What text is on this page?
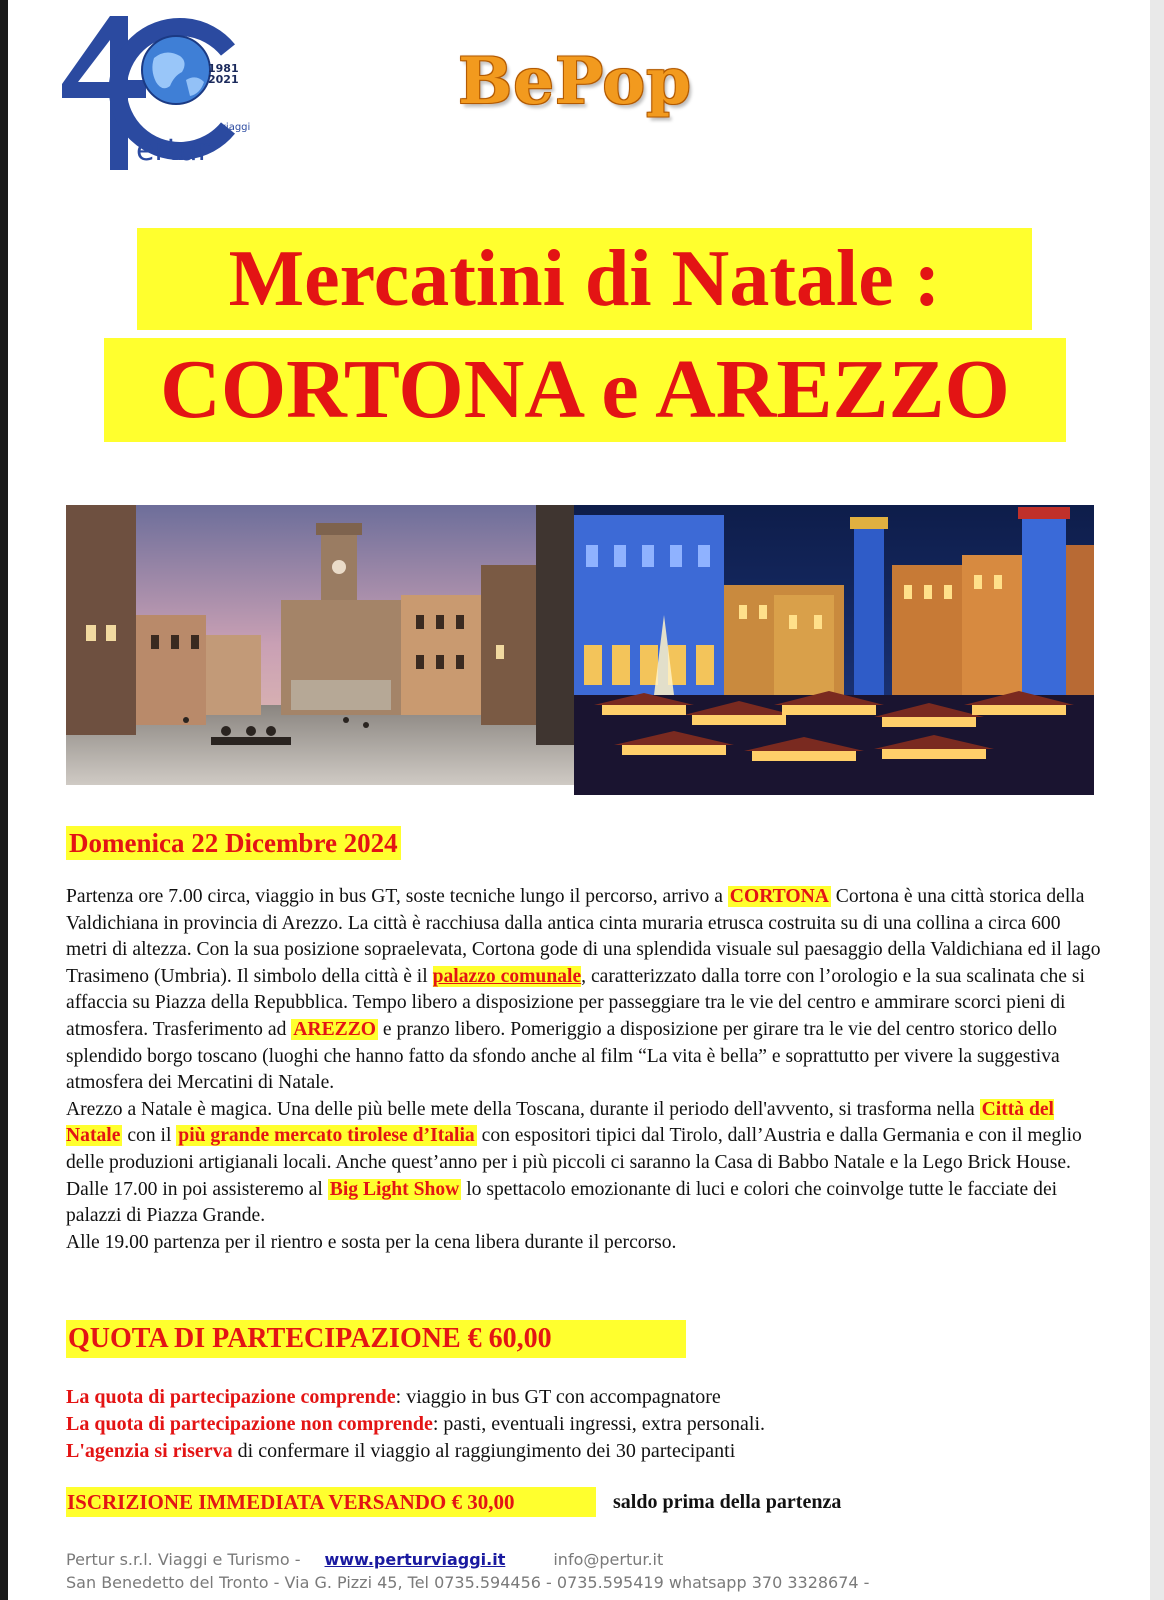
1981
2021
viaggi
ertur
BePop
Mercatini di Natale :
CORTONA e AREZZO
Domenica 22 Dicembre 2024

Partenza ore 7.00 circa, viaggio in bus GT, soste tecniche lungo il percorso, arrivo a CORTONA Cortona è una città storica della Valdichiana in provincia di Arezzo. La città è racchiusa dalla antica cinta muraria etrusca costruita su di una collina a circa 600 metri di altezza. Con la sua posizione sopraelevata, Cortona gode di una splendida visuale sul paesaggio della Valdichiana ed il lago Trasimeno (Umbria). Il simbolo della città è il palazzo comunale, caratterizzato dalla torre con l’orologio e la sua scalinata che si affaccia su Piazza della Repubblica. Tempo libero a disposizione per passeggiare tra le vie del centro e ammirare scorci pieni di atmosfera. Trasferimento ad AREZZO e pranzo libero. Pomeriggio a disposizione per girare tra le vie del centro storico dello splendido borgo toscano (luoghi che hanno fatto da sfondo anche al film “La vita è bella” e soprattutto per vivere la suggestiva atmosfera dei Mercatini di Natale.

Arezzo a Natale è magica. Una delle più belle mete della Toscana, durante il periodo dell'avvento, si trasforma nella Città del Natale con il più grande mercato tirolese d’Italia con espositori tipici dal Tirolo, dall’Austria e dalla Germania e con il meglio delle produzioni artigianali locali. Anche quest’anno per i più piccoli ci saranno la Casa di Babbo Natale e la Lego Brick House. Dalle 17.00 in poi assisteremo al Big Light Show lo spettacolo emozionante di luci e colori che coinvolge tutte le facciate dei palazzi di Piazza Grande.

Alle 19.00 partenza per il rientro e sosta per la cena libera durante il percorso.

QUOTA DI PARTECIPAZIONE € 60,00
La quota di partecipazione comprende: viaggio in bus GT con accompagnatore
La quota di partecipazione non comprende: pasti, eventuali ingressi, extra personali.
L'agenzia si riserva di confermare il viaggio al raggiungimento dei 30 partecipanti
ISCRIZIONE IMMEDIATA VERSANDO € 30,00	saldo prima della partenza
Pertur s.r.l. Viaggi e Turismo - www.perturviaggi.it	info@pertur.it
San Benedetto del Tronto - Via G. Pizzi 45, Tel 0735.594456 - 0735.595419 whatsapp 370 3328674 -
